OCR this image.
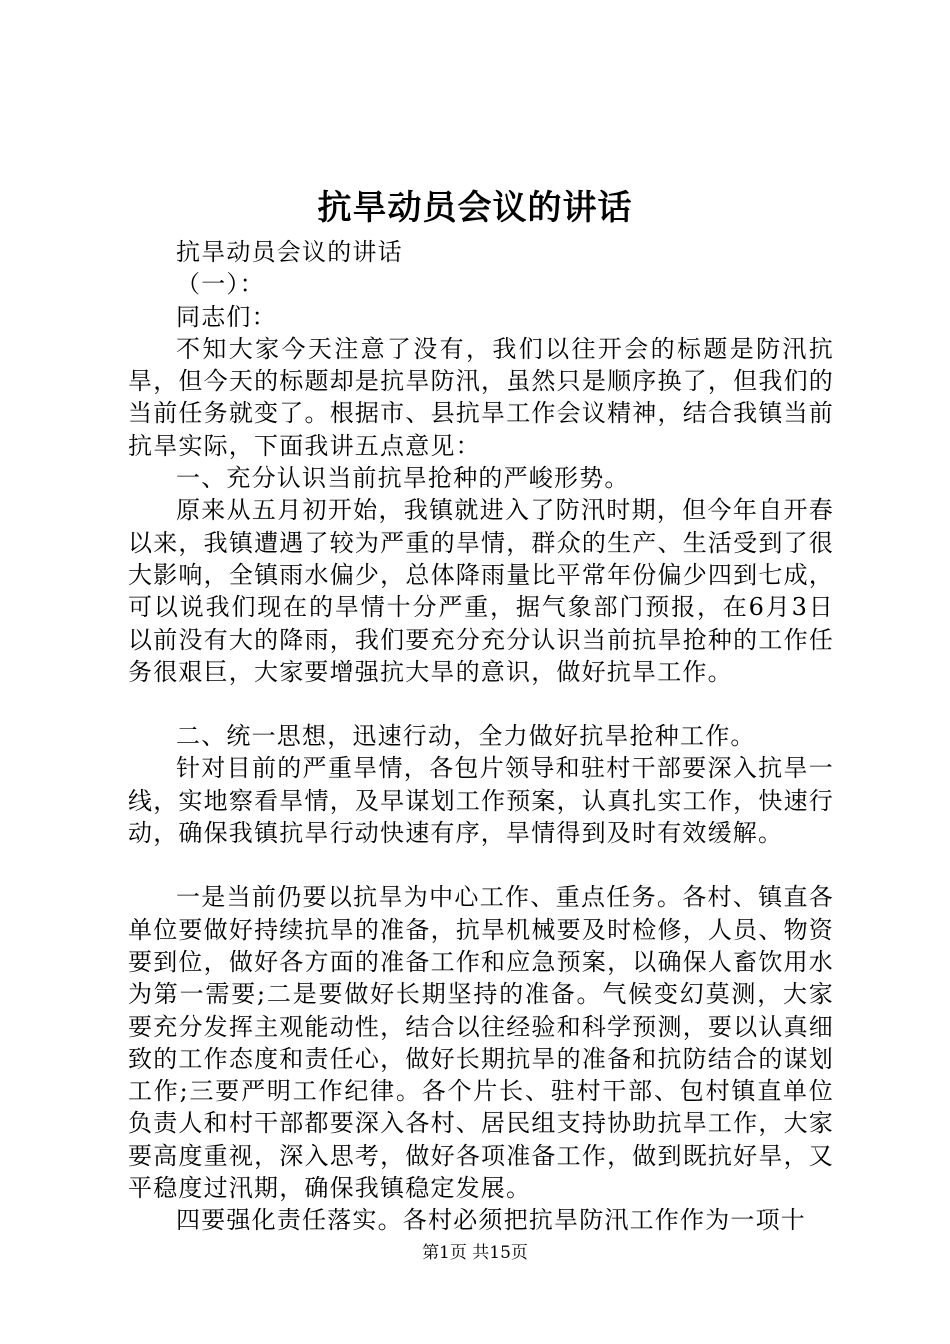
抗旱动员会议的讲话

抗旱动员会议的讲话

（一）：

同志们：

不知大家今天注意了没有，我们以往开会的标题是防汛抗旱，但今天的标题却是抗旱防汛，虽然只是顺序换了，但我们的当前任务就变了。根据市、县抗旱工作会议精神，结合我镇当前抗旱实际，下面我讲五点意见：

一、充分认识当前抗旱抢种的严峻形势。

原来从五月初开始，我镇就进入了防汛时期，但今年自开春以来，我镇遭遇了较为严重的旱情，群众的生产、生活受到了很大影响，全镇雨水偏少，总体降雨量比平常年份偏少四到七成，可以说我们现在的旱情十分严重，据气象部门预报，在6月3日以前没有大的降雨，我们要充分充分认识当前抗旱抢种的工作任务很艰巨，大家要增强抗大旱的意识，做好抗旱工作。

二、统一思想，迅速行动，全力做好抗旱抢种工作。

针对目前的严重旱情，各包片领导和驻村干部要深入抗旱一线，实地察看旱情，及早谋划工作预案，认真扎实工作，快速行动，确保我镇抗旱行动快速有序，旱情得到及时有效缓解。

一是当前仍要以抗旱为中心工作、重点任务。各村、镇直各单位要做好持续抗旱的准备，抗旱机械要及时检修，人员、物资要到位，做好各方面的准备工作和应急预案，以确保人畜饮用水为第一需要;二是要做好长期坚持的准备。气候变幻莫测，大家要充分发挥主观能动性，结合以往经验和科学预测，要以认真细致的工作态度和责任心，做好长期抗旱的准备和抗防结合的谋划工作;三要严明工作纪律。各个片长、驻村干部、包村镇直单位负责人和村干部都要深入各村、居民组支持协助抗旱工作，大家要高度重视，深入思考，做好各项准备工作，做到既抗好旱，又平稳度过汛期，确保我镇稳定发展。

四要强化责任落实。各村必须把抗旱防汛工作作为一项十

第1页 共15页
